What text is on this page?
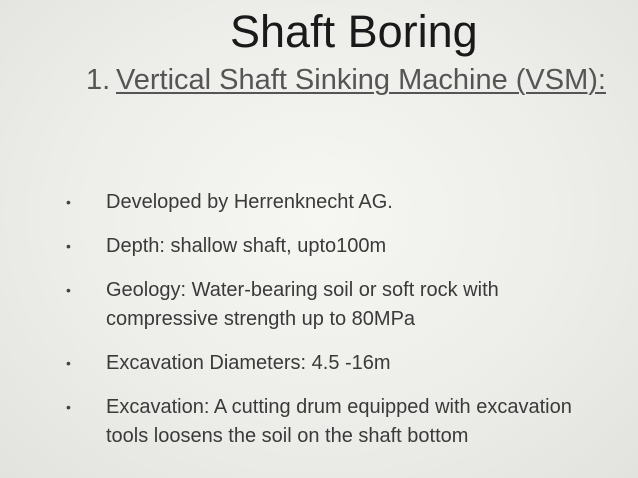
Shaft Boring
1. Vertical Shaft Sinking Machine (VSM):
• Developed by Herrenknecht AG.
• Depth: shallow shaft, upto100m
• Geology: Water-bearing soil or soft rock with compressive strength up to 80MPa
• Excavation Diameters: 4.5 -16m
• Excavation: A cutting drum equipped with excavation tools loosens the soil on the shaft bottom
